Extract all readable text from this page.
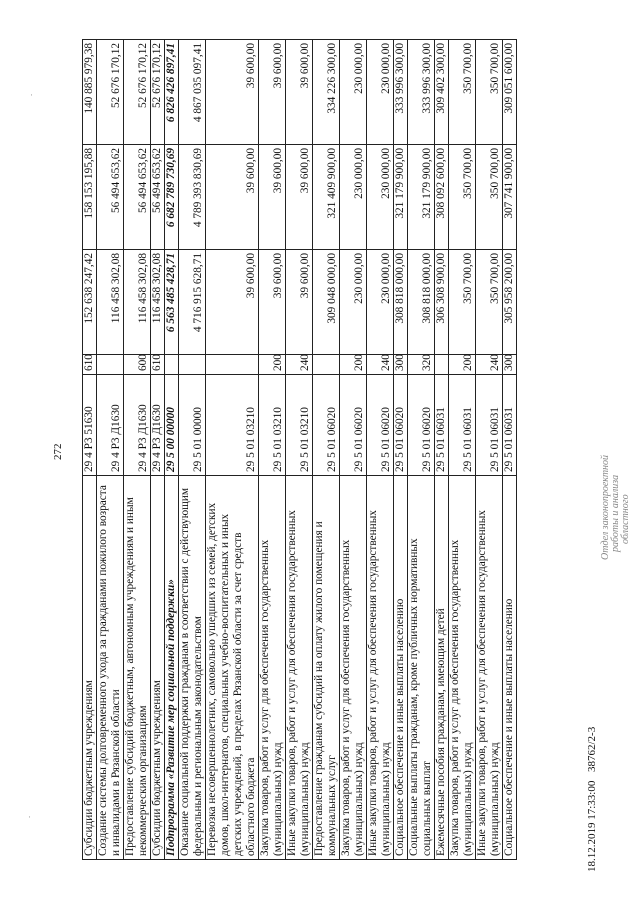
272
Субсидии бюджетным учреждениям	29 4 P3 51630	610	152 638 247,42	158 153 195,88	140 885 979,38
Создание системы долговременного ухода за гражданами пожилого возраста и инвалидами в Рязанской области	29 4 P3 Д1630		116 458 302,08	56 494 653,62	52 676 170,12
Предоставление субсидий бюджетным, автономным учреждениям и иным некоммерческим организациям	29 4 P3 Д1630	600	116 458 302,08	56 494 653,62	52 676 170,12
Субсидии бюджетным учреждениям	29 4 P3 Д1630	610	116 458 302,08	56 494 653,62	52 676 170,12
Подпрограмма «Развитие мер социальной поддержки»	29 5 00 00000		6 563 485 428,71	6 682 789 730,69	6 826 426 897,41
Оказание социальной поддержки гражданам в соответствии с действующим федеральным и региональным законодательством	29 5 01 00000		4 716 915 628,71	4 789 393 830,69	4 867 035 097,41
Перевозка несовершеннолетних, самовольно ушедших из семей, детских домов, школ-интернатов, специальных учебно-воспитательных и иных детских учреждений, в пределах Рязанской области за счет средств областного бюджета	29 5 01 03210		39 600,00	39 600,00	39 600,00
Закупка товаров, работ и услуг для обеспечения государственных (муниципальных) нужд	29 5 01 03210	200	39 600,00	39 600,00	39 600,00
Иные закупки товаров, работ и услуг для обеспечения государственных (муниципальных) нужд	29 5 01 03210	240	39 600,00	39 600,00	39 600,00
Предоставление гражданам субсидий на оплату жилого помещения и коммунальных услуг	29 5 01 06020		309 048 000,00	321 409 900,00	334 226 300,00
Закупка товаров, работ и услуг для обеспечения государственных (муниципальных) нужд	29 5 01 06020	200	230 000,00	230 000,00	230 000,00
Иные закупки товаров, работ и услуг для обеспечения государственных (муниципальных) нужд	29 5 01 06020	240	230 000,00	230 000,00	230 000,00
Социальное обеспечение и иные выплаты населению	29 5 01 06020	300	308 818 000,00	321 179 900,00	333 996 300,00
Социальные выплаты гражданам, кроме публичных нормативных социальных выплат	29 5 01 06020	320	308 818 000,00	321 179 900,00	333 996 300,00
Ежемесячные пособия гражданам, имеющим детей	29 5 01 06031		306 308 900,00	308 092 600,00	309 402 300,00
Закупка товаров, работ и услуг для обеспечения государственных (муниципальных) нужд	29 5 01 06031	200	350 700,00	350 700,00	350 700,00
Иные закупки товаров, работ и услуг для обеспечения государственных (муниципальных) нужд	29 5 01 06031	240	350 700,00	350 700,00	350 700,00
Социальное обеспечение и иные выплаты населению	29 5 01 06031	300	305 958 200,00	307 741 900,00	309 051 600,00
18.12.2019 17:33:00
38762/2-3
Отдел законопроектной работы и анализа областного
·
·
